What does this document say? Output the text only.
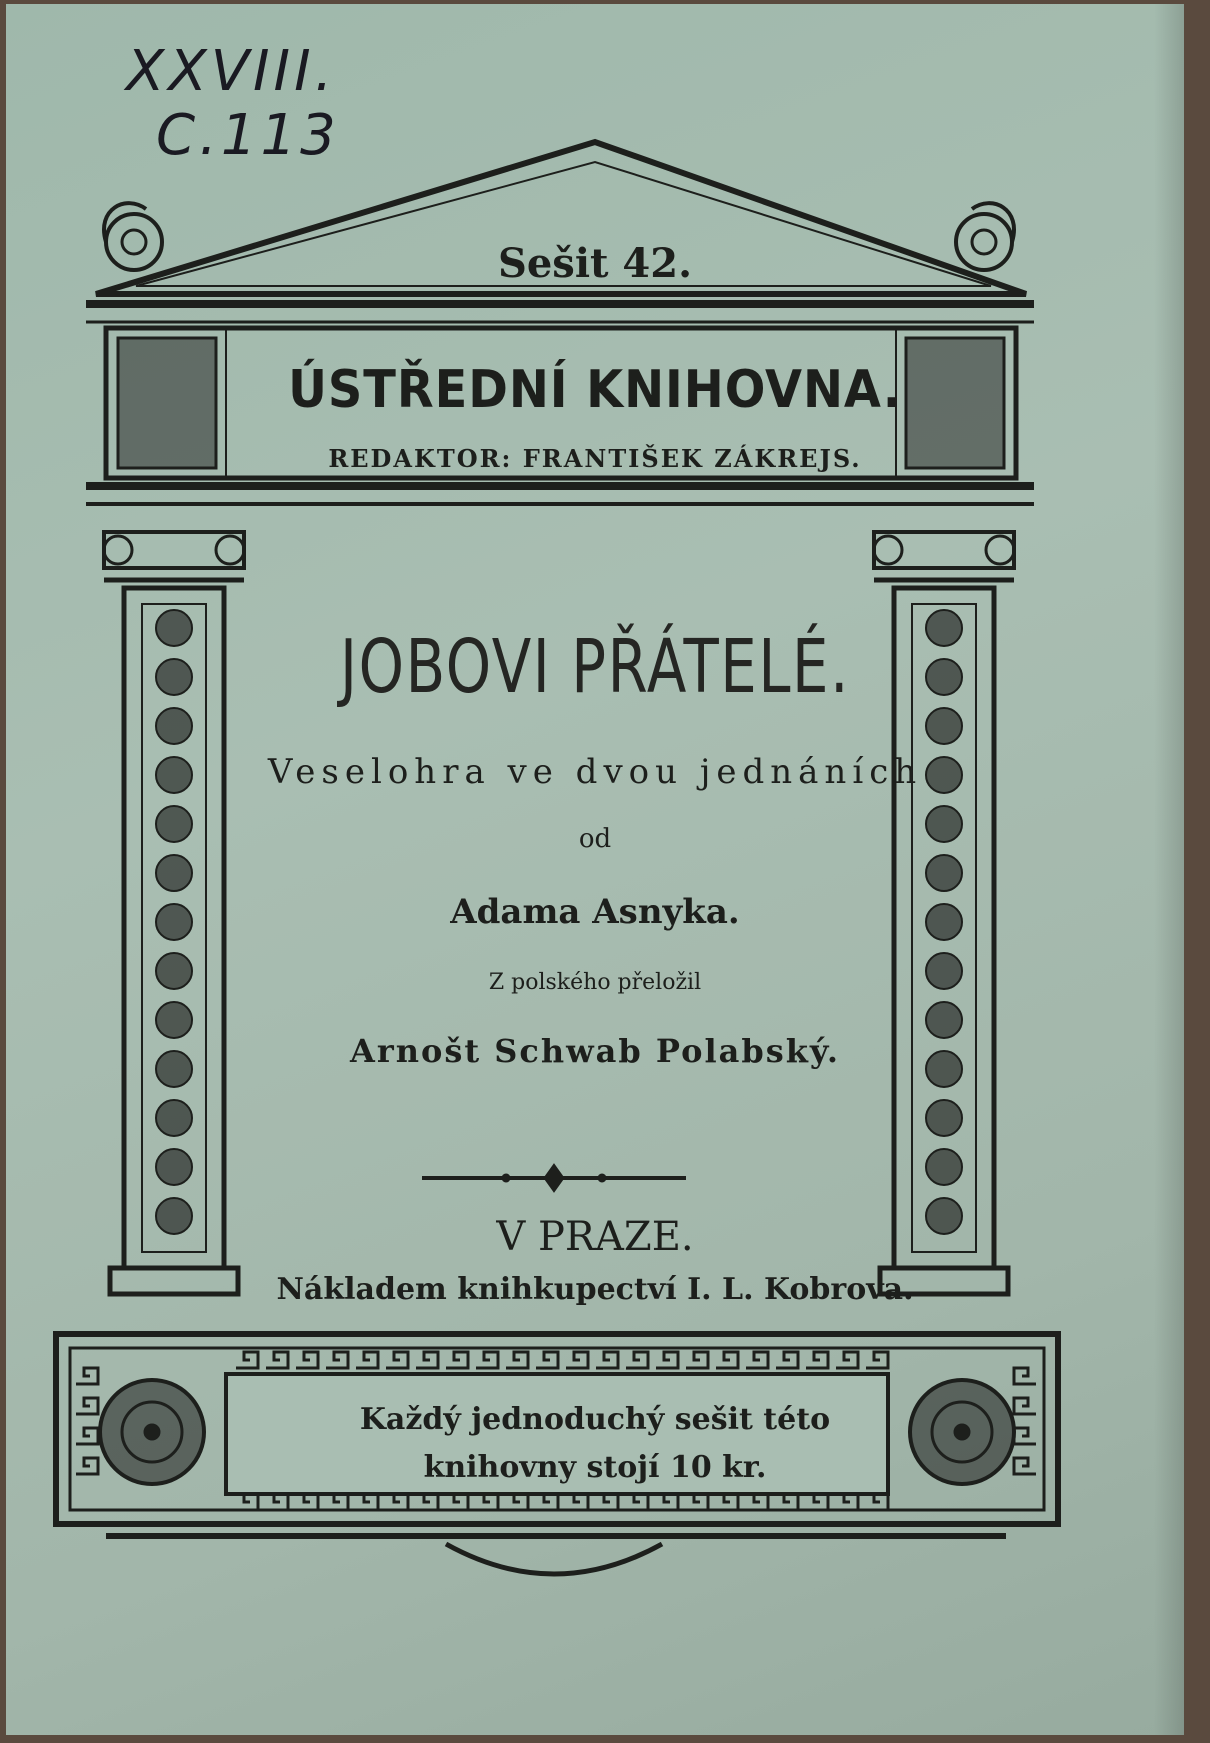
XXVIII.
C.113
Sešit 42.
ÚSTŘEDNÍ KNIHOVNA.
REDAKTOR: FRANTIŠEK ZÁKREJS.
JOBOVI PŘÁTELÉ.
Veselohra ve dvou jednáních
od
Adama Asnyka.
Z polského přeložil
Arnošt Schwab Polabský.
V PRAZE.
Nákladem knihkupectví I. L. Kobrova.
Každý jednoduchý sešit této
knihovny stojí 10 kr.
